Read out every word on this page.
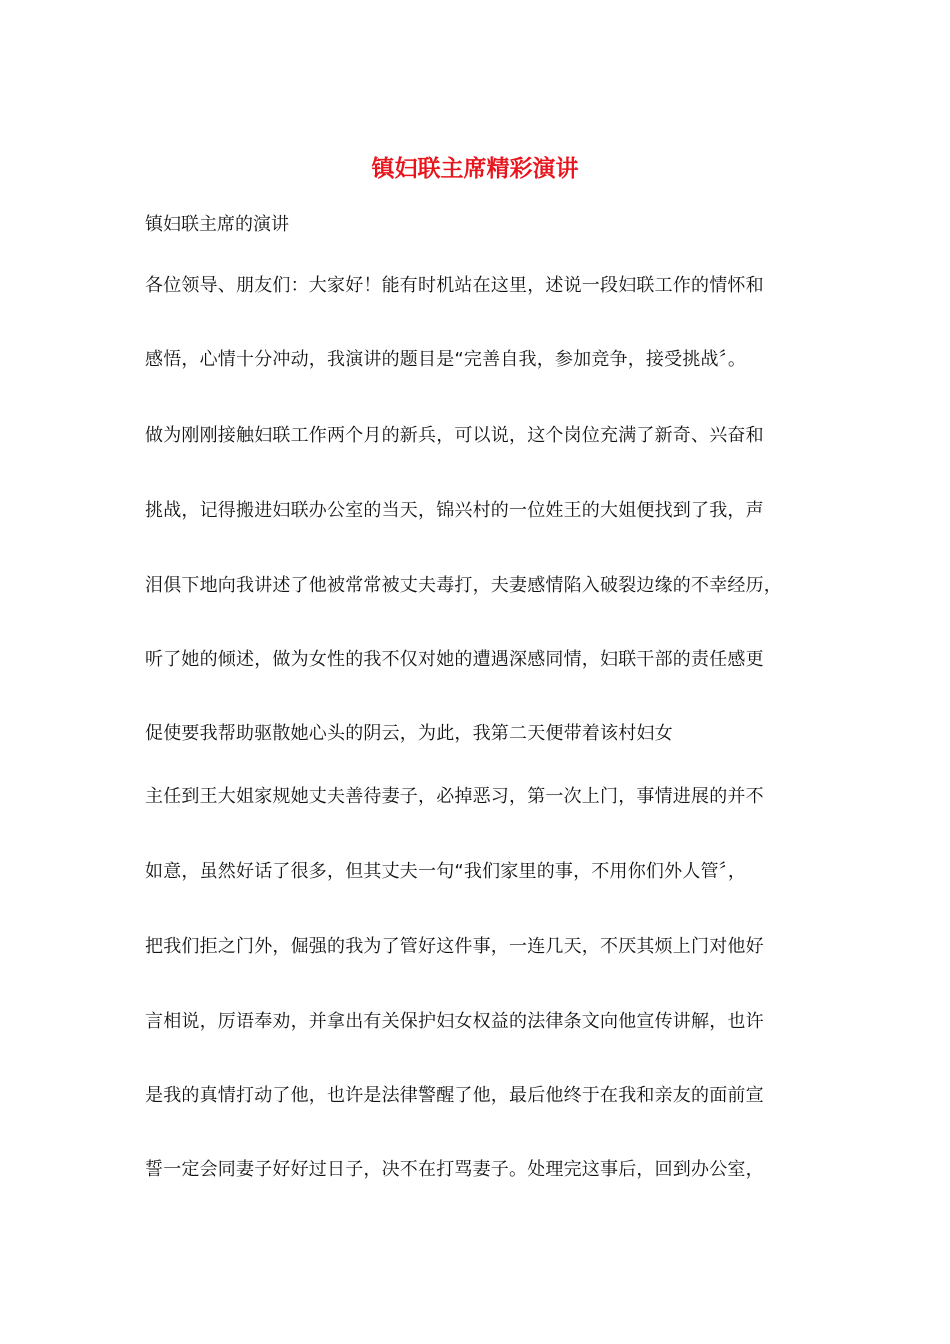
镇妇联主席精彩演讲
镇妇联主席的演讲
各位领导、朋友们：大家好！能有时机站在这里，述说一段妇联工作的情怀和
感悟，心情十分冲动，我演讲的题目是“完善自我，参加竞争，接受挑战〞。
做为刚刚接触妇联工作两个月的新兵，可以说，这个岗位充满了新奇、兴奋和
挑战，记得搬进妇联办公室的当天，锦兴村的一位姓王的大姐便找到了我，声
泪俱下地向我讲述了他被常常被丈夫毒打，夫妻感情陷入破裂边缘的不幸经历，
听了她的倾述，做为女性的我不仅对她的遭遇深感同情，妇联干部的责任感更
促使要我帮助驱散她心头的阴云，为此，我第二天便带着该村妇女
主任到王大姐家规她丈夫善待妻子，必掉恶习，第一次上门，事情进展的并不
如意，虽然好话了很多，但其丈夫一句“我们家里的事，不用你们外人管〞，
把我们拒之门外，倔强的我为了管好这件事，一连几天，不厌其烦上门对他好
言相说，厉语奉劝，并拿出有关保护妇女权益的法律条文向他宣传讲解，也许
是我的真情打动了他，也许是法律警醒了他，最后他终于在我和亲友的面前宣
誓一定会同妻子好好过日子，决不在打骂妻子。处理完这事后，回到办公室，
